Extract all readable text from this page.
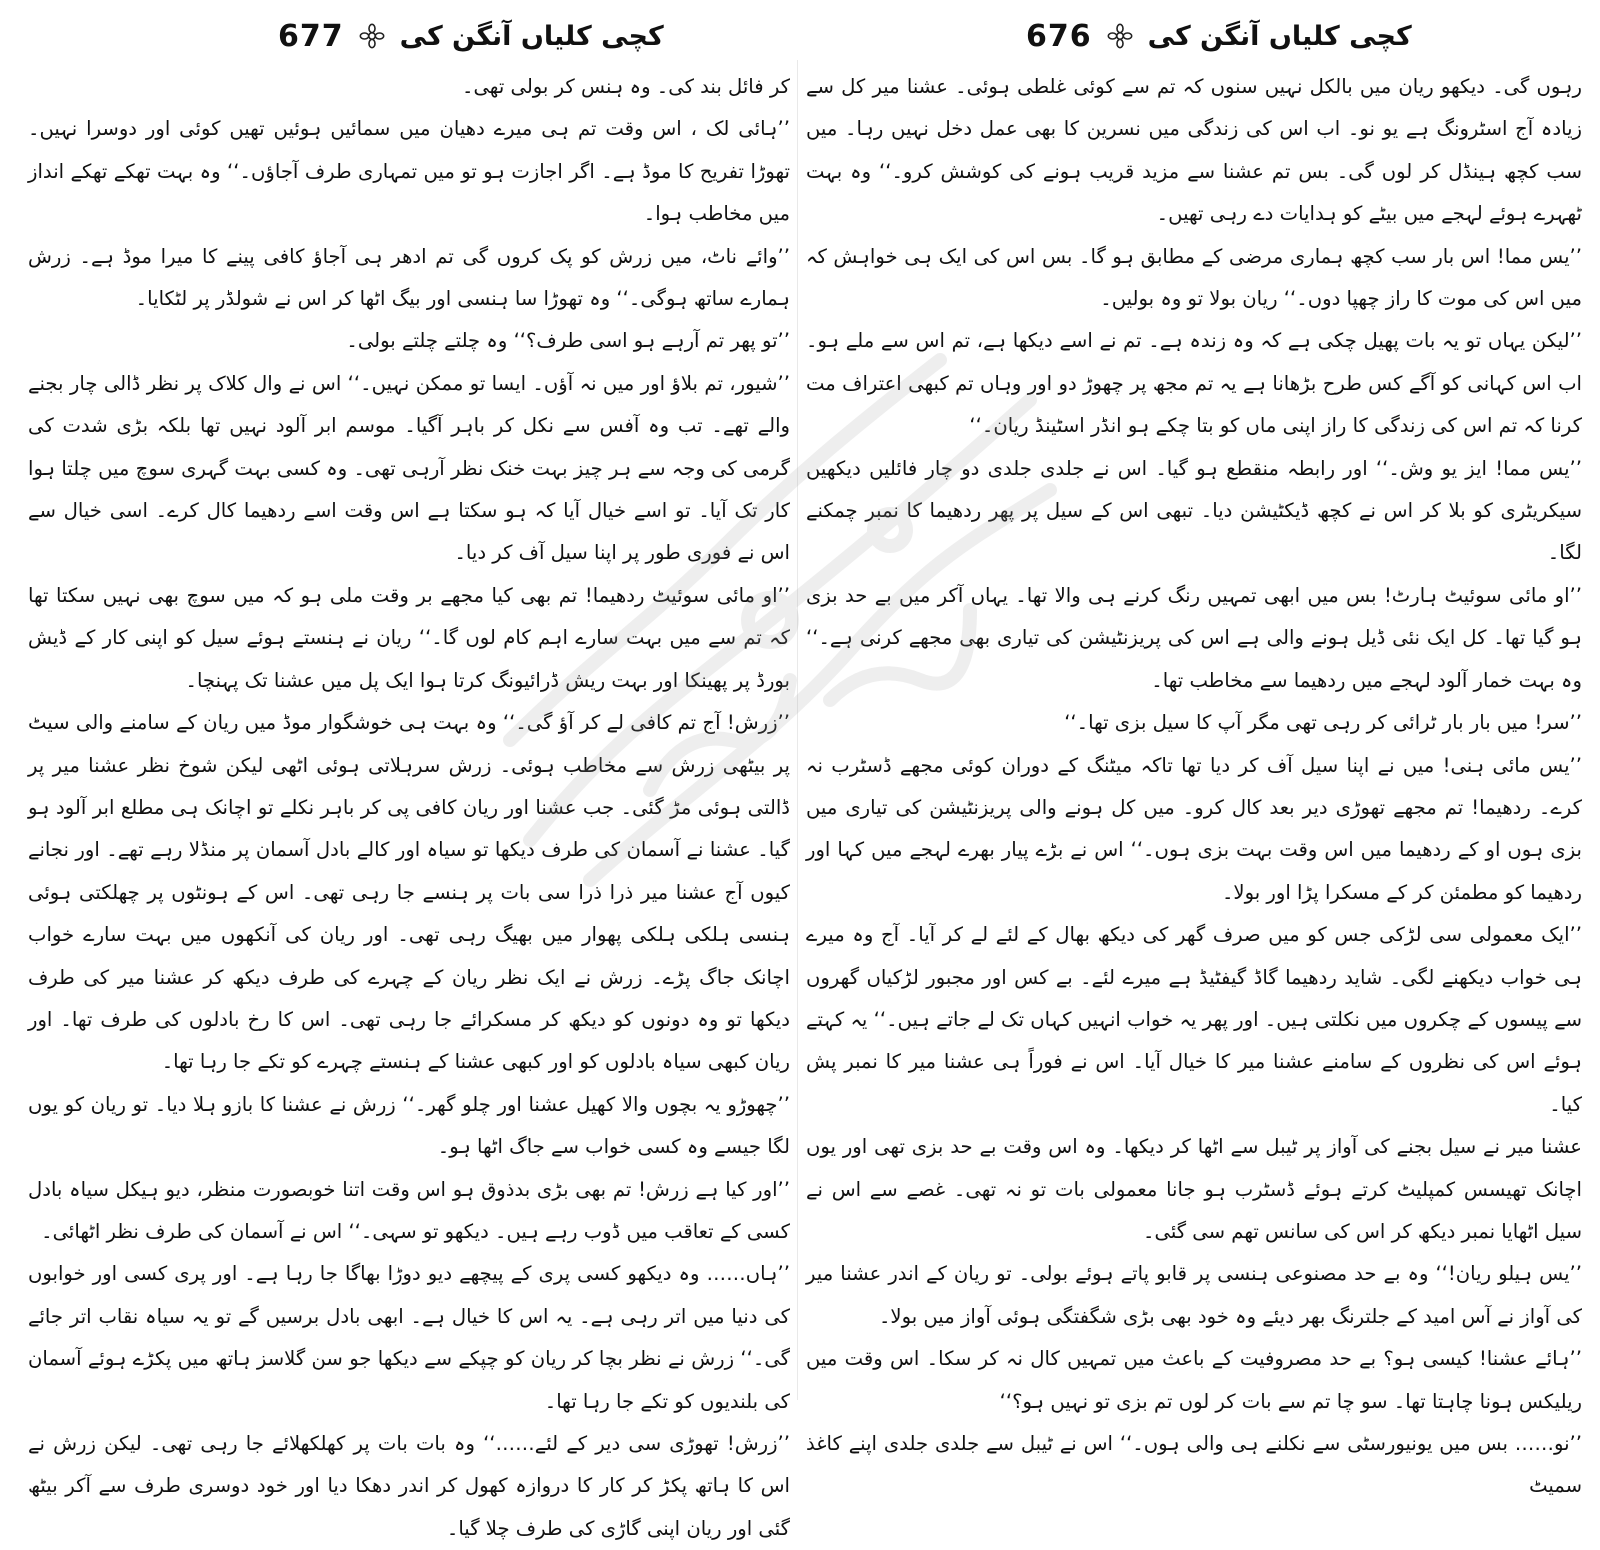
677 کچی کلیاں آنگن کی

کر فائل بند کی۔ وہ ہنس کر بولی تھی۔

’’ہائی لک ، اس وقت تم ہی میرے دھیان میں سمائیں ہوئیں تھیں کوئی اور دوسرا نہیں۔ تھوڑا تفریح کا موڈ ہے۔ اگر اجازت ہو تو میں تمہاری طرف آجاؤں۔‘‘ وہ بہت تھکے تھکے انداز میں مخاطب ہوا۔

’’وائے ناٹ، میں زرش کو پک کروں گی تم ادھر ہی آجاؤ کافی پینے کا میرا موڈ ہے۔ زرش ہمارے ساتھ ہوگی۔‘‘ وہ تھوڑا سا ہنسی اور بیگ اٹھا کر اس نے شولڈر پر لٹکایا۔

’’تو پھر تم آرہے ہو اسی طرف؟‘‘ وہ چلتے چلتے بولی۔

’’شیور، تم بلاؤ اور میں نہ آؤں۔ ایسا تو ممکن نہیں۔‘‘ اس نے وال کلاک پر نظر ڈالی چار بجنے والے تھے۔ تب وہ آفس سے نکل کر باہر آگیا۔ موسم ابر آلود نہیں تھا بلکہ بڑی شدت کی گرمی کی وجہ سے ہر چیز بہت خنک نظر آرہی تھی۔ وہ کسی بہت گہری سوچ میں چلتا ہوا کار تک آیا۔ تو اسے خیال آیا کہ ہو سکتا ہے اس وقت اسے ردھیما کال کرے۔ اسی خیال سے اس نے فوری طور پر اپنا سیل آف کر دیا۔

’’او مائی سوئیٹ ردھیما! تم بھی کیا مجھے بر وقت ملی ہو کہ میں سوچ بھی نہیں سکتا تھا کہ تم سے میں بہت سارے اہم کام لوں گا۔‘‘ ریان نے ہنستے ہوئے سیل کو اپنی کار کے ڈیش بورڈ پر پھینکا اور بہت ریش ڈرائیونگ کرتا ہوا ایک پل میں عشنا تک پہنچا۔

’’زرش! آج تم کافی لے کر آؤ گی۔‘‘ وہ بہت ہی خوشگوار موڈ میں ریان کے سامنے والی سیٹ پر بیٹھی زرش سے مخاطب ہوئی۔ زرش سرہلاتی ہوئی اٹھی لیکن شوخ نظر عشنا میر پر ڈالتی ہوئی مڑ گئی۔ جب عشنا اور ریان کافی پی کر باہر نکلے تو اچانک ہی مطلع ابر آلود ہو گیا۔ عشنا نے آسمان کی طرف دیکھا تو سیاہ اور کالے بادل آسمان پر منڈلا رہے تھے۔ اور نجانے کیوں آج عشنا میر ذرا ذرا سی بات پر ہنسے جا رہی تھی۔ اس کے ہونٹوں پر چھلکتی ہوئی ہنسی ہلکی ہلکی پھوار میں بھیگ رہی تھی۔ اور ریان کی آنکھوں میں بہت سارے خواب اچانک جاگ پڑے۔ زرش نے ایک نظر ریان کے چہرے کی طرف دیکھ کر عشنا میر کی طرف دیکھا تو وہ دونوں کو دیکھ کر مسکرائے جا رہی تھی۔ اس کا رخ بادلوں کی طرف تھا۔ اور ریان کبھی سیاہ بادلوں کو اور کبھی عشنا کے ہنستے چہرے کو تکے جا رہا تھا۔

’’چھوڑو یہ بچوں والا کھیل عشنا اور چلو گھر۔‘‘ زرش نے عشنا کا بازو ہلا دیا۔ تو ریان کو یوں لگا جیسے وہ کسی خواب سے جاگ اٹھا ہو۔

’’اور کیا ہے زرش! تم بھی بڑی بدذوق ہو اس وقت اتنا خوبصورت منظر، دیو ہیکل سیاہ بادل کسی کے تعاقب میں ڈوب رہے ہیں۔ دیکھو تو سہی۔‘‘ اس نے آسمان کی طرف نظر اٹھائی۔

’’ہاں…… وہ دیکھو کسی پری کے پیچھے دیو دوڑا بھاگا جا رہا ہے۔ اور پری کسی اور خوابوں کی دنیا میں اتر رہی ہے۔ یہ اس کا خیال ہے۔ ابھی بادل برسیں گے تو یہ سیاہ نقاب اتر جائے گی۔‘‘ زرش نے نظر بچا کر ریان کو چپکے سے دیکھا جو سن گلاسز ہاتھ میں پکڑے ہوئے آسمان کی بلندیوں کو تکے جا رہا تھا۔

’’زرش! تھوڑی سی دیر کے لئے……‘‘ وہ بات بات پر کھلکھلائے جا رہی تھی۔ لیکن زرش نے اس کا ہاتھ پکڑ کر کار کا دروازہ کھول کر اندر دھکا دیا اور خود دوسری طرف سے آکر بیٹھ گئی اور ریان اپنی گاڑی کی طرف چلا گیا۔

676 کچی کلیاں آنگن کی

رہوں گی۔ دیکھو ریان میں بالکل نہیں سنوں کہ تم سے کوئی غلطی ہوئی۔ عشنا میر کل سے زیادہ آج اسٹرونگ ہے یو نو۔ اب اس کی زندگی میں نسرین کا بھی عمل دخل نہیں رہا۔ میں سب کچھ ہینڈل کر لوں گی۔ بس تم عشنا سے مزید قریب ہونے کی کوشش کرو۔‘‘ وہ بہت ٹھہرے ہوئے لہجے میں بیٹے کو ہدایات دے رہی تھیں۔

’’یس مما! اس بار سب کچھ ہماری مرضی کے مطابق ہو گا۔ بس اس کی ایک ہی خواہش کہ میں اس کی موت کا راز چھپا دوں۔‘‘ ریان بولا تو وہ بولیں۔

’’لیکن یہاں تو یہ بات پھیل چکی ہے کہ وہ زندہ ہے۔ تم نے اسے دیکھا ہے، تم اس سے ملے ہو۔ اب اس کہانی کو آگے کس طرح بڑھانا ہے یہ تم مجھ پر چھوڑ دو اور وہاں تم کبھی اعتراف مت کرنا کہ تم اس کی زندگی کا راز اپنی ماں کو بتا چکے ہو انڈر اسٹینڈ ریان۔‘‘

’’یس مما! ایز یو وش۔‘‘ اور رابطہ منقطع ہو گیا۔ اس نے جلدی جلدی دو چار فائلیں دیکھیں سیکریٹری کو بلا کر اس نے کچھ ڈیکٹیشن دیا۔ تبھی اس کے سیل پر پھر ردھیما کا نمبر چمکنے لگا۔

’’او مائی سوئیٹ ہارٹ! بس میں ابھی تمہیں رنگ کرنے ہی والا تھا۔ یہاں آکر میں بے حد بزی ہو گیا تھا۔ کل ایک نئی ڈیل ہونے والی ہے اس کی پریزنٹیشن کی تیاری بھی مجھے کرنی ہے۔‘‘ وہ بہت خمار آلود لہجے میں ردھیما سے مخاطب تھا۔

’’سر! میں بار بار ٹرائی کر رہی تھی مگر آپ کا سیل بزی تھا۔‘‘

’’یس مائی ہنی! میں نے اپنا سیل آف کر دیا تھا تاکہ میٹنگ کے دوران کوئی مجھے ڈسٹرب نہ کرے۔ ردھیما! تم مجھے تھوڑی دیر بعد کال کرو۔ میں کل ہونے والی پریزنٹیشن کی تیاری میں بزی ہوں او کے ردھیما میں اس وقت بہت بزی ہوں۔‘‘ اس نے بڑے پیار بھرے لہجے میں کہا اور ردھیما کو مطمئن کر کے مسکرا پڑا اور بولا۔

’’ایک معمولی سی لڑکی جس کو میں صرف گھر کی دیکھ بھال کے لئے لے کر آیا۔ آج وہ میرے ہی خواب دیکھنے لگی۔ شاید ردھیما گاڈ گیفٹیڈ ہے میرے لئے۔ بے کس اور مجبور لڑکیاں گھروں سے پیسوں کے چکروں میں نکلتی ہیں۔ اور پھر یہ خواب انہیں کہاں تک لے جاتے ہیں۔‘‘ یہ کہتے ہوئے اس کی نظروں کے سامنے عشنا میر کا خیال آیا۔ اس نے فوراً ہی عشنا میر کا نمبر پش کیا۔

عشنا میر نے سیل بجنے کی آواز پر ٹیبل سے اٹھا کر دیکھا۔ وہ اس وقت بے حد بزی تھی اور یوں اچانک تھیسس کمپلیٹ کرتے ہوئے ڈسٹرب ہو جانا معمولی بات تو نہ تھی۔ غصے سے اس نے سیل اٹھایا نمبر دیکھ کر اس کی سانس تھم سی گئی۔

’’یس ہیلو ریان!‘‘ وہ بے حد مصنوعی ہنسی پر قابو پاتے ہوئے بولی۔ تو ریان کے اندر عشنا میر کی آواز نے آس امید کے جلترنگ بھر دیئے وہ خود بھی بڑی شگفتگی ہوئی آواز میں بولا۔

’’ہائے عشنا! کیسی ہو؟ بے حد مصروفیت کے باعث میں تمہیں کال نہ کر سکا۔ اس وقت میں ریلیکس ہونا چاہتا تھا۔ سو چا تم سے بات کر لوں تم بزی تو نہیں ہو؟‘‘

’’نو…… بس میں یونیورسٹی سے نکلنے ہی والی ہوں۔‘‘ اس نے ٹیبل سے جلدی جلدی اپنے کاغذ سمیٹ
